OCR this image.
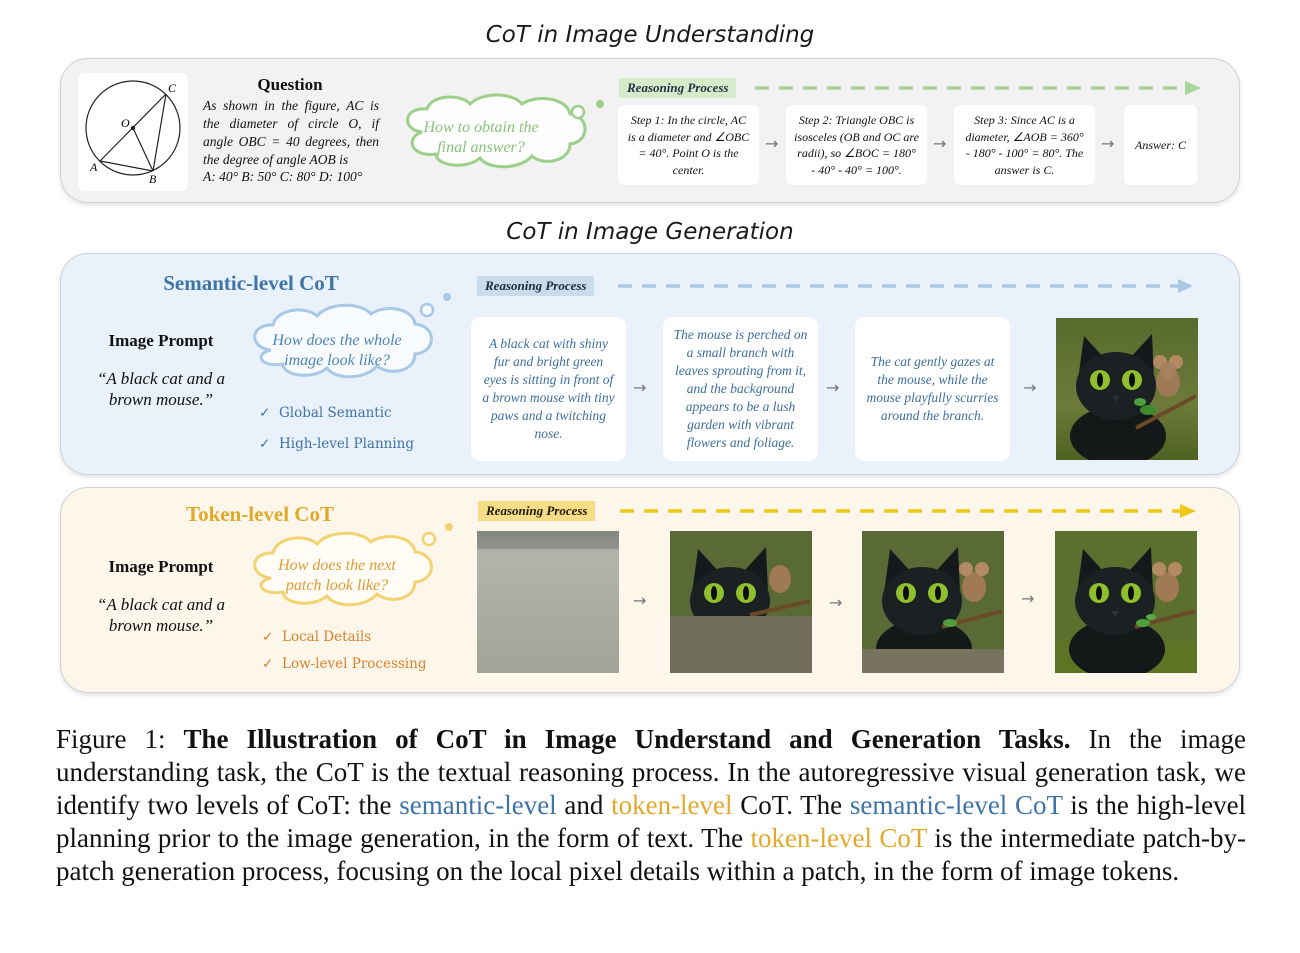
CoT in Image Understanding
C
O
A
B
Question
As shown in the figure, AC is the diameter of circle O, if angle OBC = 40 degrees, then the degree of angle AOB is
A: 40° B: 50° C: 80° D: 100°
How to obtain the
final answer?
Reasoning Process
Step 1: In the circle, AC is a diameter and ∠OBC = 40°. Point O is the center.
→
Step 2: Triangle OBC is isosceles (OB and OC are radii), so ∠BOC = 180° - 40° - 40° = 100°.
→
Step 3: Since AC is a diameter, ∠AOB = 360° - 180° - 100° = 80°. The answer is C.
→	Answer: C
CoT in Image Generation
Semantic-level CoT
Image Prompt
“A black cat and a brown mouse.”
How does the whole
image look like?
✓ Global Semantic
✓ High-level Planning
Reasoning Process
A black cat with shiny fur and bright green eyes is sitting in front of a brown mouse with tiny paws and a twitching nose.
→
The mouse is perched on a small branch with leaves sprouting from it, and the background appears to be a lush garden with vibrant flowers and foliage.
→
The cat gently gazes at the mouse, while the mouse playfully scurries around the branch.
→
Token-level CoT
Image Prompt
“A black cat and a brown mouse.”
How does the next
patch look like?
✓ Local Details
✓ Low-level Processing
Reasoning Process
→	→	→
Figure 1: The Illustration of CoT in Image Understand and Generation Tasks. In the image understanding task, the CoT is the textual reasoning process. In the autoregressive visual generation task, we identify two levels of CoT: the semantic-level and token-level CoT. The semantic-level CoT is the high-level planning prior to the image generation, in the form of text. The token-level CoT is the intermediate patch-by-patch generation process, focusing on the local pixel details within a patch, in the form of image tokens.
